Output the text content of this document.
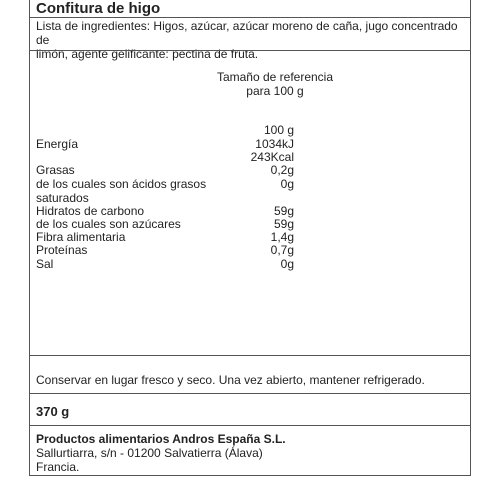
Confitura de higo
Lista de ingredientes: Higos, azúcar, azúcar moreno de caña, jugo concentrado de
limón, agente gelificante: pectina de fruta.
Tamaño de referencia
para 100 g
100 g
Energía	1034kJ
243Kcal
Grasas	0,2g
de los cuales son ácidos grasos	0g
saturados
Hidratos de carbono	59g
de los cuales son azúcares	59g
Fibra alimentaria	1,4g
Proteínas	0,7g
Sal	0g
Conservar en lugar fresco y seco. Una vez abierto, mantener refrigerado.
370 g
Productos alimentarios Andros España S.L.
Sallurtiarra, s/n - 01200 Salvatierra (Álava)
Francia.
